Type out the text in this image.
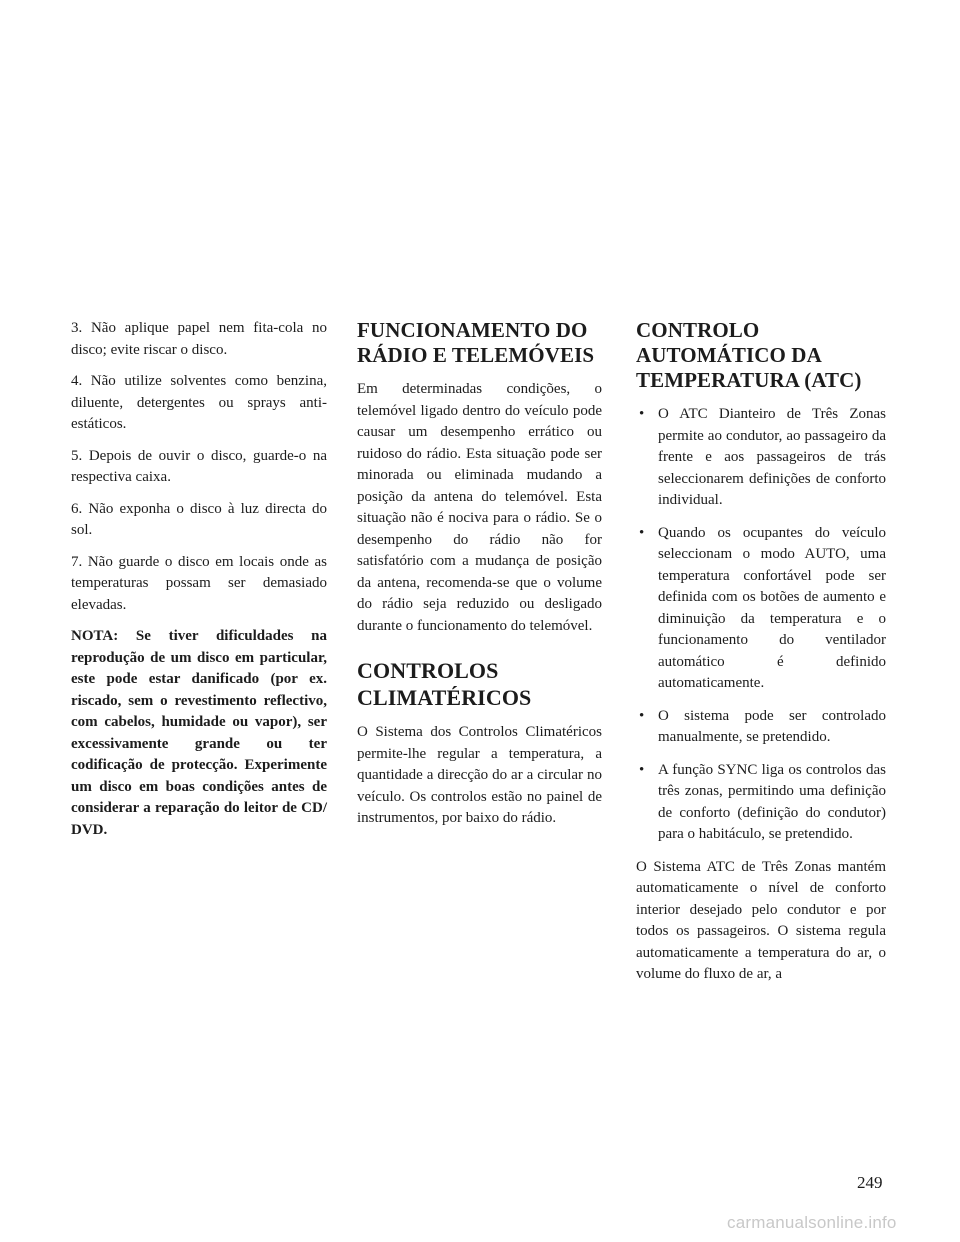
3. Não aplique papel nem fita-cola no disco; evite riscar o disco.

4. Não utilize solventes como benzina, diluente, detergentes ou sprays anti-estáticos.

5. Depois de ouvir o disco, guarde-o na respectiva caixa.

6. Não exponha o disco à luz directa do sol.

7. Não guarde o disco em locais onde as temperaturas possam ser demasiado elevadas.

NOTA: Se tiver dificuldades na reprodução de um disco em particular, este pode estar danificado (por ex. riscado, sem o revestimento reflectivo, com cabelos, humidade ou vapor), ser excessivamente grande ou ter codificação de protecção. Experimente um disco em boas condições antes de considerar a reparação do leitor de CD/ DVD.

FUNCIONAMENTO DO RÁDIO E TELEMÓVEIS

Em determinadas condições, o telemóvel ligado dentro do veículo pode causar um desempenho errático ou ruidoso do rádio. Esta situação pode ser minorada ou eliminada mudando a posição da antena do telemóvel. Esta situação não é nociva para o rádio. Se o desempenho do rádio não for satisfatório com a mudança de posição da antena, recomenda-se que o volume do rádio seja reduzido ou desligado durante o funcionamento do telemóvel.

CONTROLOS CLIMATÉRICOS

O Sistema dos Controlos Climatéricos permite-lhe regular a temperatura, a quantidade a direcção do ar a circular no veículo. Os controlos estão no painel de instrumentos, por baixo do rádio.

CONTROLO AUTOMÁTICO DA TEMPERATURA (ATC)
• O ATC Dianteiro de Três Zonas permite ao condutor, ao passageiro da frente e aos passageiros de trás seleccionarem definições de conforto individual.
• Quando os ocupantes do veículo seleccionam o modo AUTO, uma temperatura confortável pode ser definida com os botões de aumento e diminuição da temperatura e o funcionamento do ventilador automático é definido automaticamente.
• O sistema pode ser controlado manualmente, se pretendido.
• A função SYNC liga os controlos das três zonas, permitindo uma definição de conforto (definição do condutor) para o habitáculo, se pretendido.

O Sistema ATC de Três Zonas mantém automaticamente o nível de conforto interior desejado pelo condutor e por todos os passageiros. O sistema regula automaticamente a temperatura do ar, o volume do fluxo de ar, a

249
carmanualsonline.info
